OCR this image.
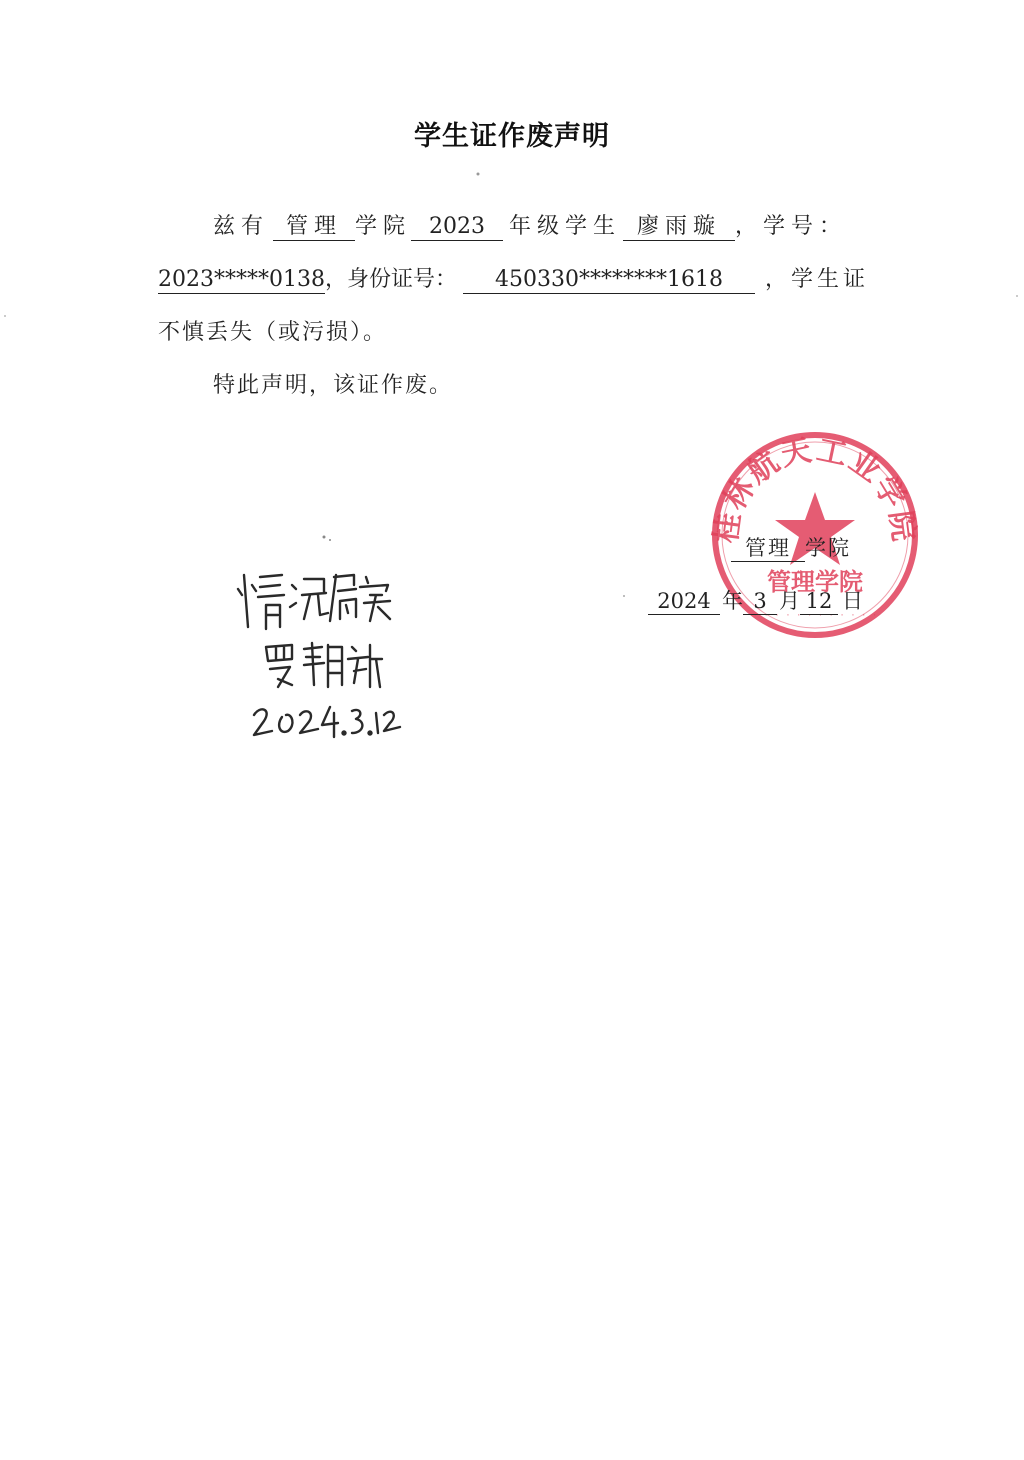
学生证作废声明
兹有 管理 学院 2023 年级学生 廖雨璇 ，学号：
2023*****0138，身份证号： 450330********1618 ，学生证
不慎丢失（或污损）。
特此声明，该证作废。
桂林航天工业学院
管理学院
· · · · · · · · · · · ·
管理 学院
2024 年 3 月 12 日
